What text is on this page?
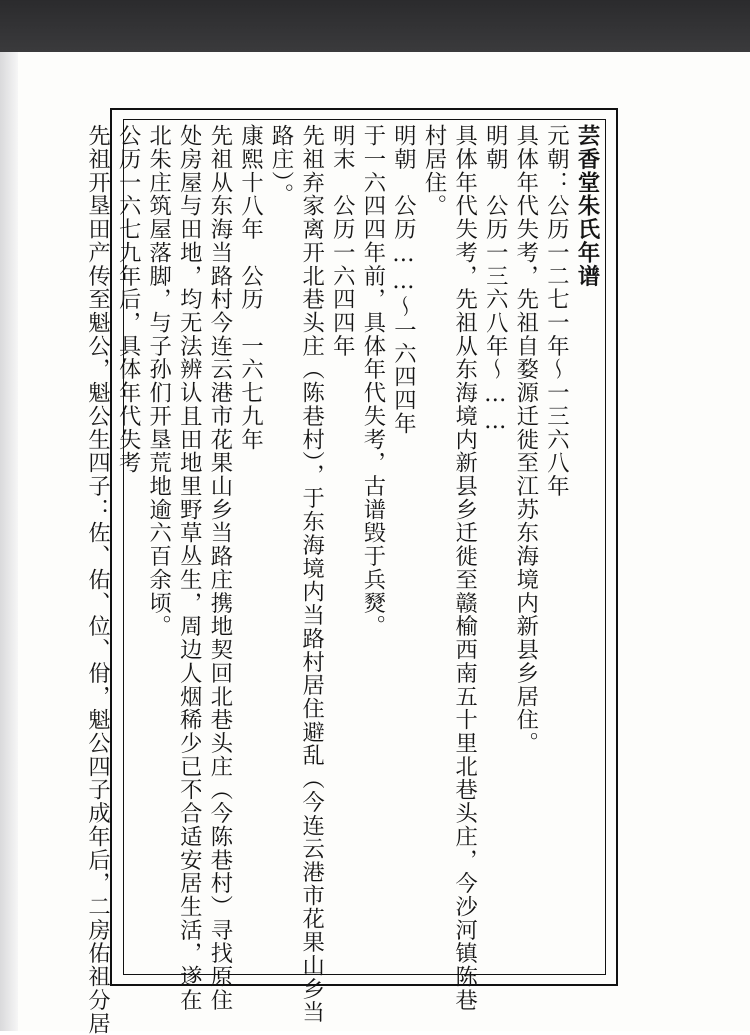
芸香堂朱氏年谱
元朝：公历一二七一年～一三六八年
具体年代失考，先祖自婺源迁徙至江苏东海境内新县乡居住。
明朝　公历一三六八年～……
具体年代失考，先祖从东海境内新县乡迁徙至赣榆西南五十里北巷头庄，今沙河镇陈巷
村居住。
明朝　公历……～一六四四年
于一六四四年前，具体年代失考，古谱毁于兵燹。
明末　公历一六四四年
先祖弃家离开北巷头庄（陈巷村），于东海境内当路村居住避乱（今连云港市花果山乡当
路庄）。
康熙十八年　公历　一六七九年
先祖从东海当路村今连云港市花果山乡当路庄携地契回北巷头庄（今陈巷村）寻找原住
处房屋与田地，均无法辨认且田地里野草丛生，周边人烟稀少已不合适安居生活，遂在
北朱庄筑屋落脚，与子孙们开垦荒地逾六百余顷。
公历一六七九年后，具体年代失考
先祖开垦田产传至魁公，魁公生四子：佐、佑、位、佾，魁公四子成年后，二房佑祖分居
